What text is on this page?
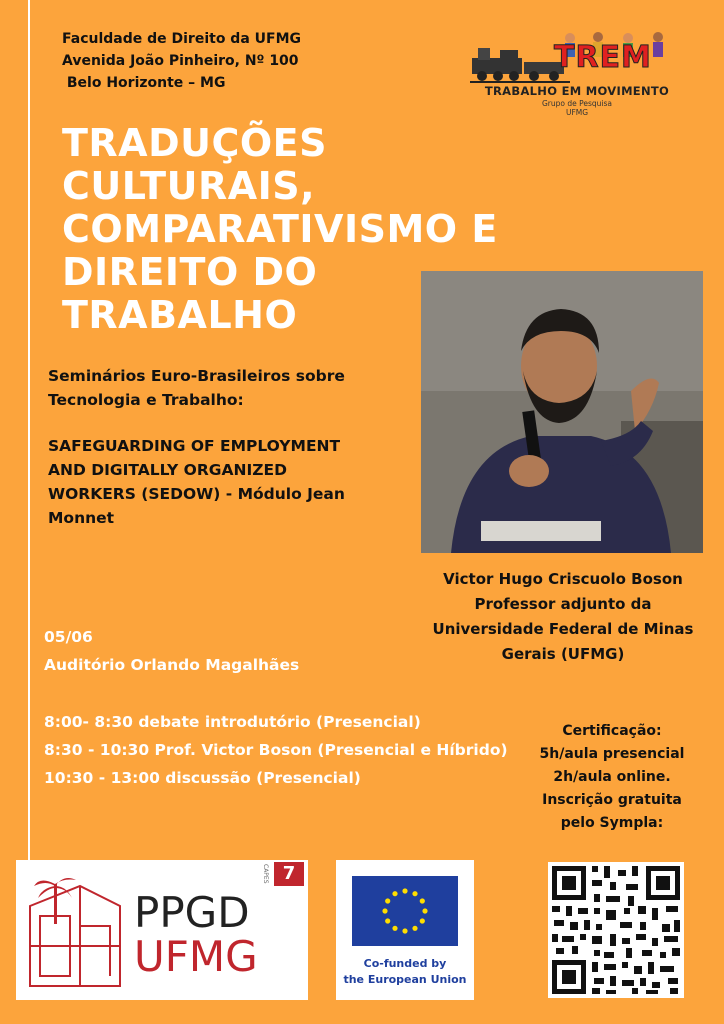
Faculdade de Direito da UFMG
Avenida João Pinheiro, Nº 100
Belo Horizonte – MG
TREM
TRABALHO EM MOVIMENTO
Grupo de Pesquisa
UFMG
TRADUÇÕES
CULTURAIS,
COMPARATIVISMO E
DIREITO DO
TRABALHO
Seminários Euro-Brasileiros sobre
Tecnologia e Trabalho:
SAFEGUARDING OF EMPLOYMENT
AND DIGITALLY ORGANIZED
WORKERS (SEDOW) - Módulo Jean
Monnet
Victor Hugo Criscuolo Boson
Professor adjunto da
Universidade Federal de Minas
Gerais (UFMG)
05/06
Auditório Orlando Magalhães
8:00- 8:30 debate introdutório (Presencial)
8:30 - 10:30 Prof. Victor Boson (Presencial e Híbrido)
10:30 - 13:00 discussão (Presencial)
Certificação:
5h/aula presencial
2h/aula online.
Inscrição gratuita
pelo Sympla:
PPGD
UFMG
CAPES 7
Co-funded by
the European Union
